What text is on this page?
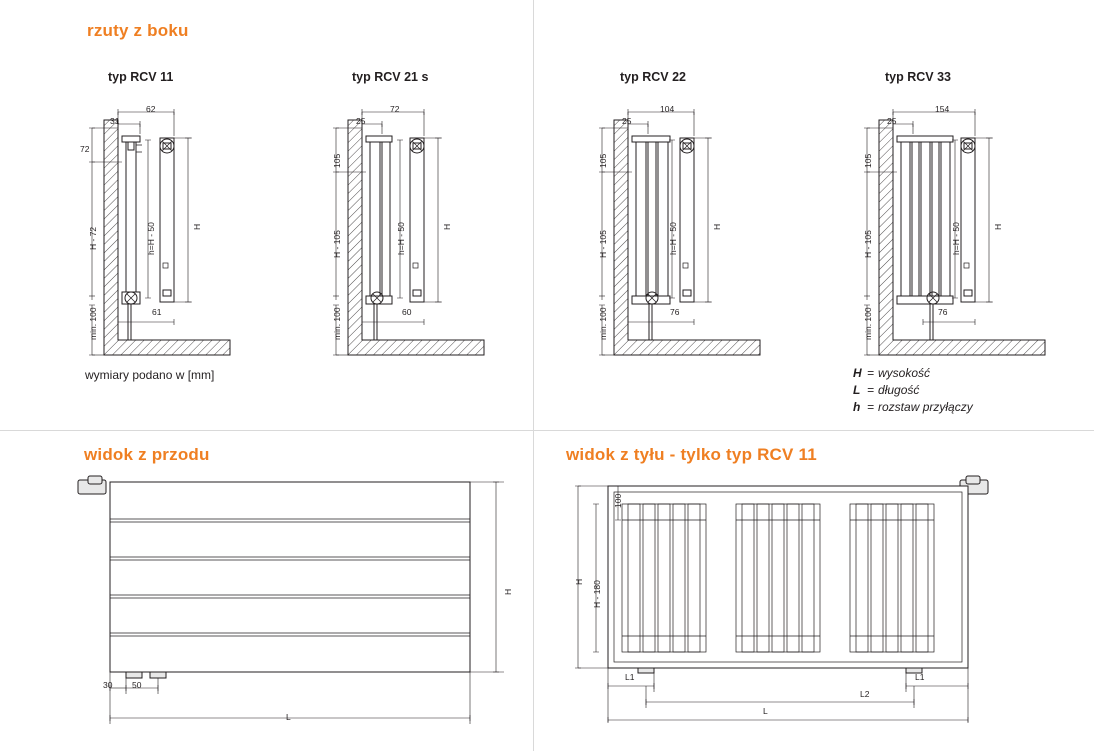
rzuty z boku
typ RCV 11
62
31
72
H - 72
min. 100
h=H - 50	H
61
typ RCV 21 s
72
25
105
H - 105
min. 100
h=H - 50	H
60
typ RCV 22
104
25
105
H - 105
min. 100
h=H - 50	H
76
typ RCV 33
154
25
105
H - 105
min. 100
h=H - 50	H
76
wymiary podano w [mm]	H = wysokość
L = długość
h = rozstaw przyłączy
widok z przodu
H
30 50
L
widok z tyłu - tylko typ RCV 11
100
H - 180
H
L1	L1
L2
L
